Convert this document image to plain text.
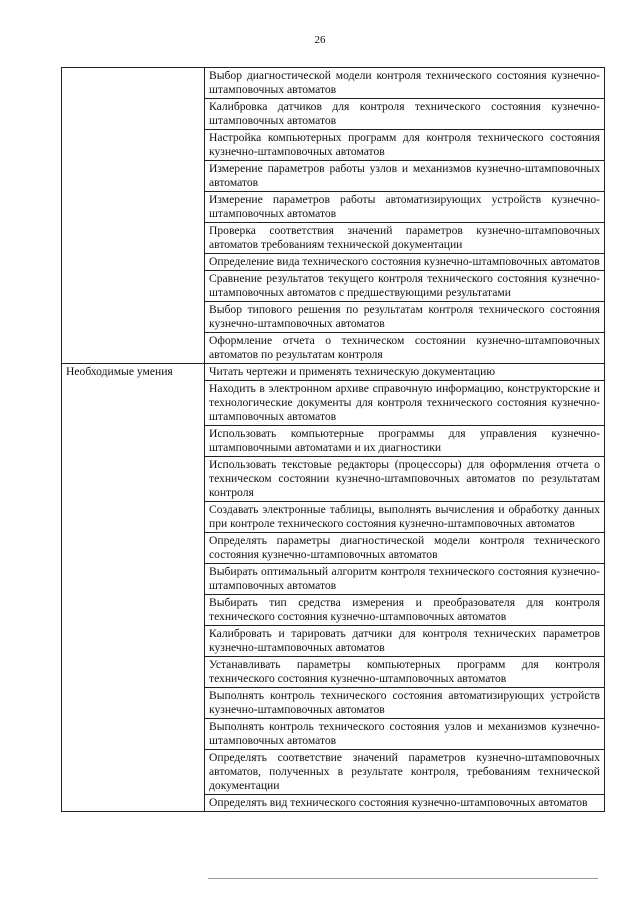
26
	Выбор диагностической модели контроля технического состояния кузнечно-штамповочных автоматов
	Калибровка датчиков для контроля технического состояния кузнечно-штамповочных автоматов
	Настройка компьютерных программ для контроля технического состояния кузнечно-штамповочных автоматов
	Измерение параметров работы узлов и механизмов кузнечно-штамповочных автоматов
	Измерение параметров работы автоматизирующих устройств кузнечно-штамповочных автоматов
	Проверка соответствия значений параметров кузнечно-штамповочных автоматов требованиям технической документации
	Определение вида технического состояния кузнечно-штамповочных автоматов
	Сравнение результатов текущего контроля технического состояния кузнечно-штамповочных автоматов с предшествующими результатами
	Выбор типового решения по результатам контроля технического состояния кузнечно-штамповочных автоматов
	Оформление отчета о техническом состоянии кузнечно-штамповочных автоматов по результатам контроля
Необходимые умения	Читать чертежи и применять техническую документацию
	Находить в электронном архиве справочную информацию, конструкторские и технологические документы для контроля технического состояния кузнечно-штамповочных автоматов
	Использовать компьютерные программы для управления кузнечно-штамповочными автоматами и их диагностики
	Использовать текстовые редакторы (процессоры) для оформления отчета о техническом состоянии кузнечно-штамповочных автоматов по результатам контроля
	Создавать электронные таблицы, выполнять вычисления и обработку данных при контроле технического состояния кузнечно-штамповочных автоматов
	Определять параметры диагностической модели контроля технического состояния кузнечно-штамповочных автоматов
	Выбирать оптимальный алгоритм контроля технического состояния кузнечно-штамповочных автоматов
	Выбирать тип средства измерения и преобразователя для контроля технического состояния кузнечно-штамповочных автоматов
	Калибровать и тарировать датчики для контроля технических параметров кузнечно-штамповочных автоматов
	Устанавливать параметры компьютерных программ для контроля технического состояния кузнечно-штамповочных автоматов
	Выполнять контроль технического состояния автоматизирующих устройств кузнечно-штамповочных автоматов
	Выполнять контроль технического состояния узлов и механизмов кузнечно-штамповочных автоматов
	Определять соответствие значений параметров кузнечно-штамповочных автоматов, полученных в результате контроля, требованиям технической документации
	Определять вид технического состояния кузнечно-штамповочных автоматов
